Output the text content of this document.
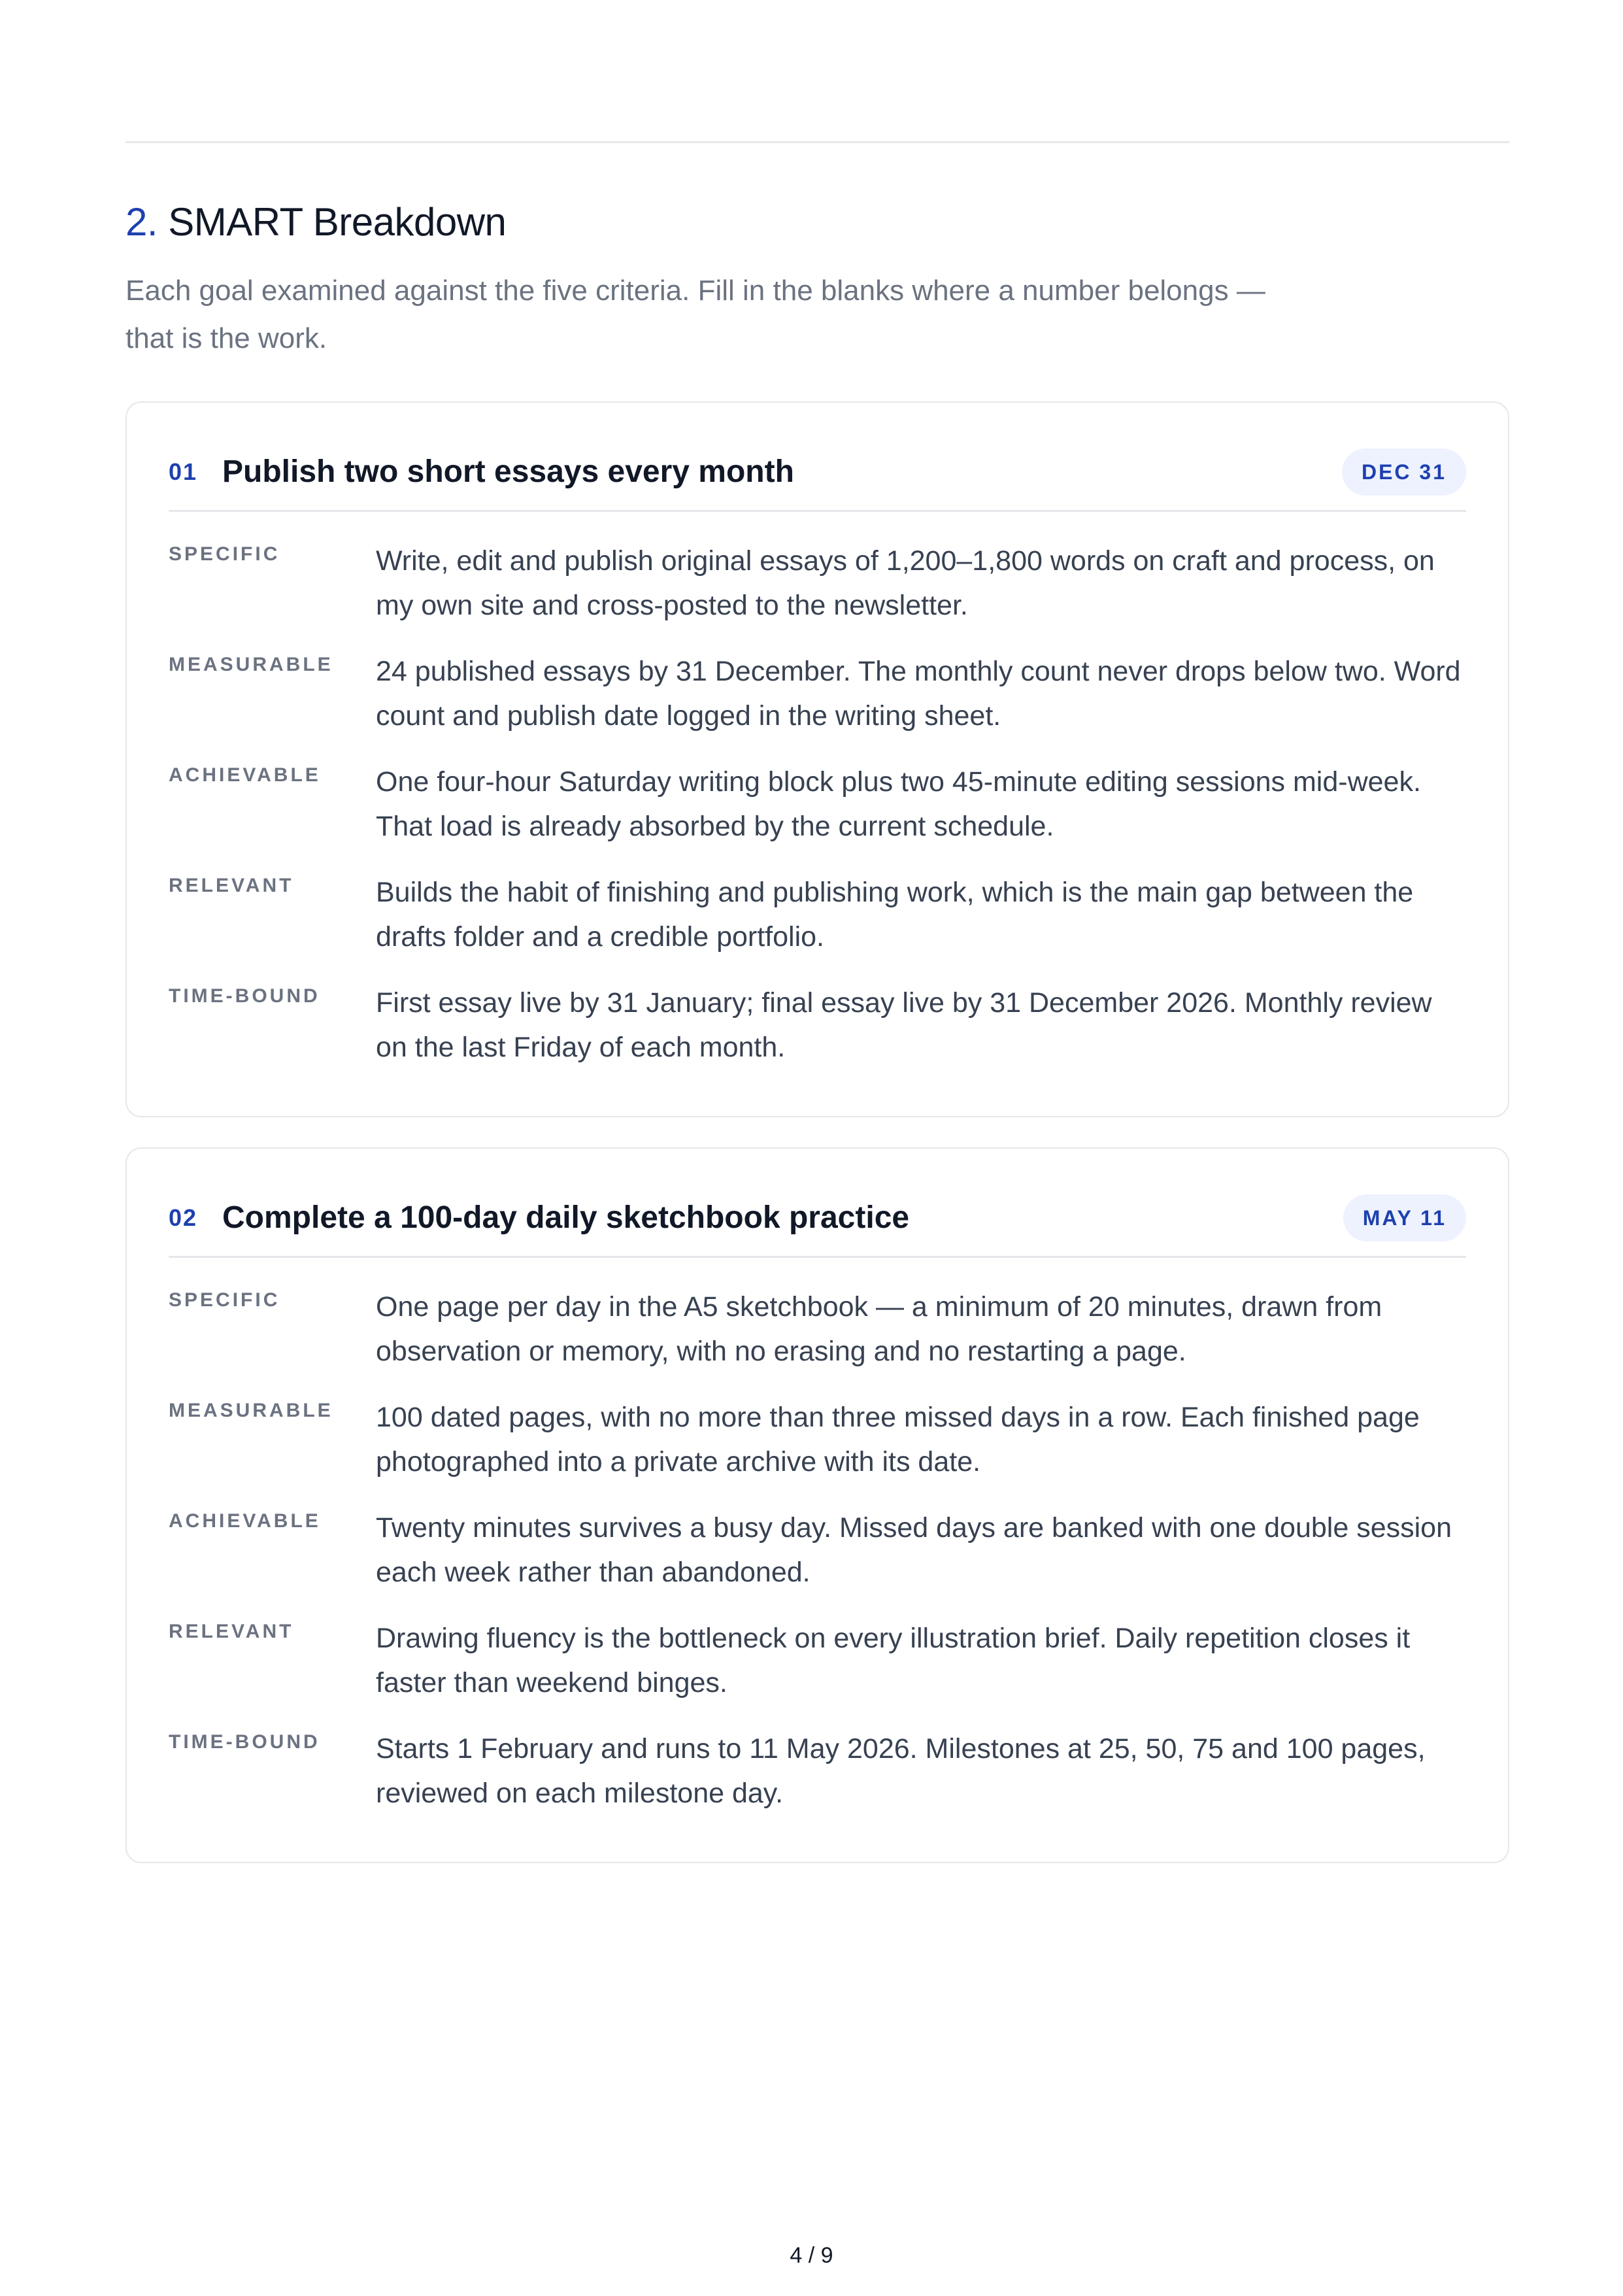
2. SMART Breakdown

Each goal examined against the five criteria. Fill in the blanks where a number belongs — that is the work.

01 Publish two short essays every month	DEC 31
SPECIFIC	Write, edit and publish original essays of 1,200–1,800 words on craft and process, on my own site and cross-posted to the newsletter.

MEASURABLE 24 published essays by 31 December. The monthly count never drops below two. Word count and publish date logged in the writing sheet.

ACHIEVABLE One four-hour Saturday writing block plus two 45-minute editing sessions mid-week. That load is already absorbed by the current schedule.

RELEVANT	Builds the habit of finishing and publishing work, which is the main gap between the drafts folder and a credible portfolio.

TIME-BOUND First essay live by 31 January; final essay live by 31 December 2026. Monthly review on the last Friday of each month.

02 Complete a 100-day daily sketchbook practice	MAY 11
SPECIFIC	One page per day in the A5 sketchbook — a minimum of 20 minutes, drawn from observation or memory, with no erasing and no restarting a page.

MEASURABLE 100 dated pages, with no more than three missed days in a row. Each finished page photographed into a private archive with its date.

ACHIEVABLE Twenty minutes survives a busy day. Missed days are banked with one double session each week rather than abandoned.

RELEVANT	Drawing fluency is the bottleneck on every illustration brief. Daily repetition closes it faster than weekend binges.

TIME-BOUND Starts 1 February and runs to 11 May 2026. Milestones at 25, 50, 75 and 100 pages, reviewed on each milestone day.

4 / 9
